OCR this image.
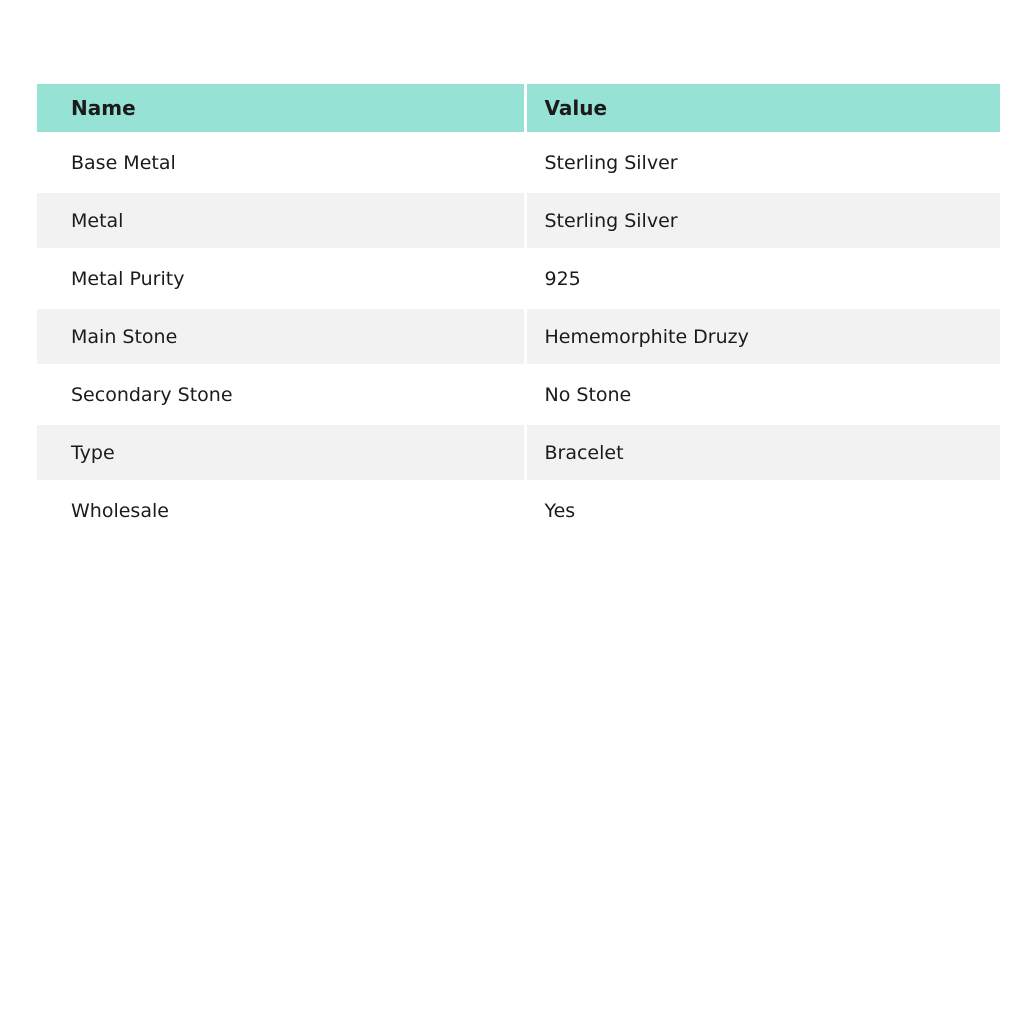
Name	Value
Base Metal	Sterling Silver
Metal	Sterling Silver
Metal Purity	925
Main Stone	Hememorphite Druzy
Secondary Stone	No Stone
Type	Bracelet
Wholesale	Yes
